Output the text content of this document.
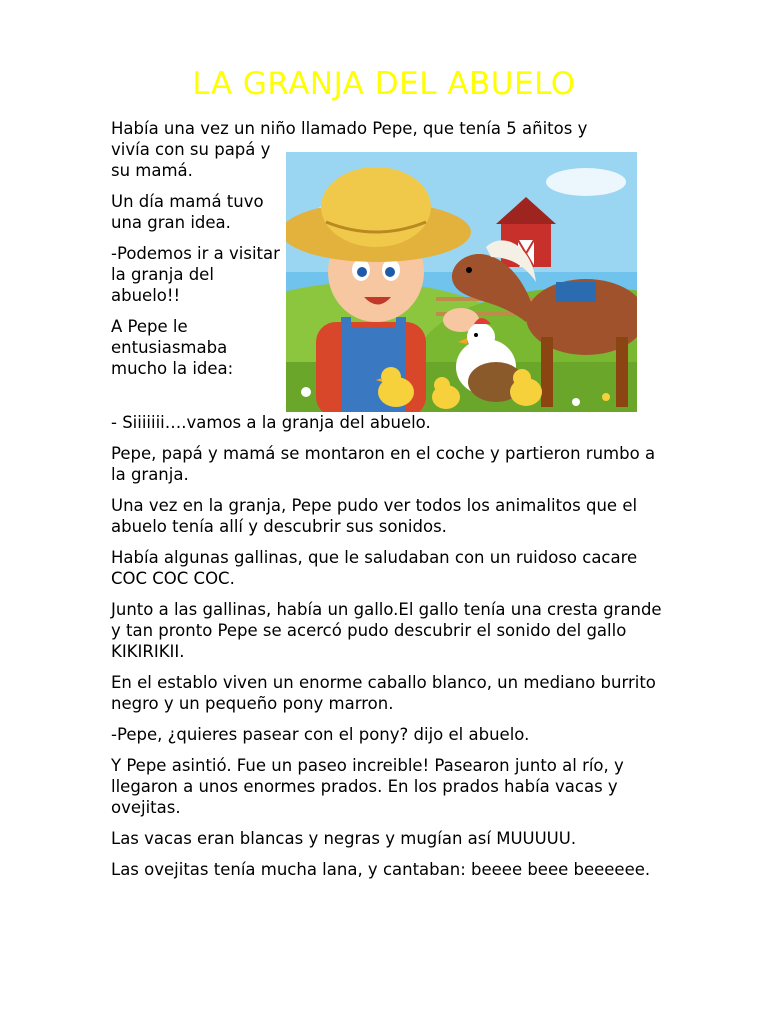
LA GRANJA DEL ABUELO

Había una vez un niño llamado Pepe, que tenía 5 añitos y

vivía con su papá y su mamá.

Un día mamá tuvo una gran idea.

-Podemos ir a visitar la granja del abuelo!!

A Pepe le entusiasmaba mucho la idea:

- Siiiiiii….vamos a la granja del abuelo.

Pepe, papá y mamá se montaron en el coche y partieron rumbo a la granja.

Una vez en la granja, Pepe pudo ver todos los animalitos que el abuelo tenía allí y descubrir sus sonidos.

Había algunas gallinas, que le saludaban con un ruidoso cacare COC COC COC.

Junto a las gallinas, había un gallo.El gallo tenía una cresta grande y tan pronto Pepe se acercó pudo descubrir el sonido del gallo KIKIRIKII.

En el establo viven un enorme caballo blanco, un mediano burrito negro y un pequeño pony marron.

-Pepe, ¿quieres pasear con el pony? dijo el abuelo.

Y Pepe asintió. Fue un paseo increible! Pasearon junto al río, y llegaron a unos enormes prados. En los prados había vacas y ovejitas.

Las vacas eran blancas y negras y mugían así MUUUUU.

Las ovejitas tenía mucha lana, y cantaban: beeee beee beeeeee.
